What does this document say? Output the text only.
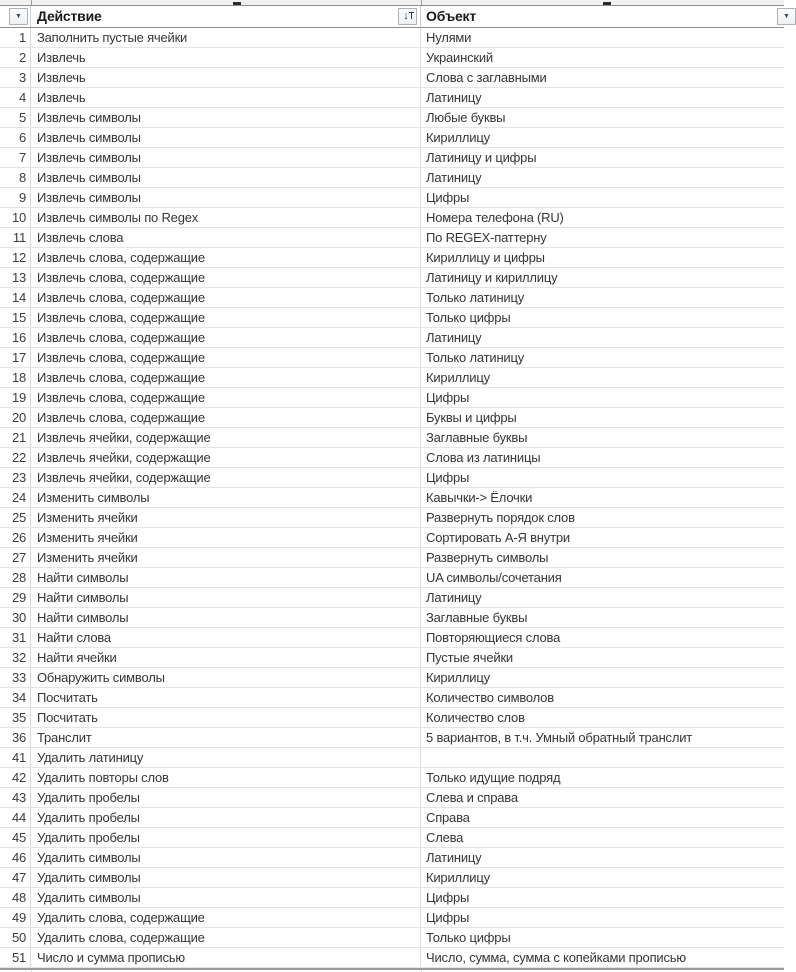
▼	Действие	↓	Объект	▼
1 Заполнить пустые ячейки	Нулями
2 Извлечь	Украинский
3 Извлечь	Слова с заглавными
4 Извлечь	Латиницу
5 Извлечь символы	Любые буквы
6 Извлечь символы	Кириллицу
7 Извлечь символы	Латиницу и цифры
8 Извлечь символы	Латиницу
9 Извлечь символы	Цифры
10 Извлечь символы по Regex	Номера телефона (RU)
11 Извлечь слова	По REGEX-паттерну
12 Извлечь слова, содержащие	Кириллицу и цифры
13 Извлечь слова, содержащие	Латиницу и кириллицу
14 Извлечь слова, содержащие	Только латиницу
15 Извлечь слова, содержащие	Только цифры
16 Извлечь слова, содержащие	Латиницу
17 Извлечь слова, содержащие	Только латиницу
18 Извлечь слова, содержащие	Кириллицу
19 Извлечь слова, содержащие	Цифры
20 Извлечь слова, содержащие	Буквы и цифры
21 Извлечь ячейки, содержащие	Заглавные буквы
22 Извлечь ячейки, содержащие	Слова из латиницы
23 Извлечь ячейки, содержащие	Цифры
24 Изменить символы	Кавычки-> Ёлочки
25 Изменить ячейки	Развернуть порядок слов
26 Изменить ячейки	Сортировать А-Я внутри
27 Изменить ячейки	Развернуть символы
28 Найти символы	UA символы/сочетания
29 Найти символы	Латиницу
30 Найти символы	Заглавные буквы
31 Найти слова	Повторяющиеся слова
32 Найти ячейки	Пустые ячейки
33 Обнаружить символы	Кириллицу
34 Посчитать	Количество символов
35 Посчитать	Количество слов
36 Транслит	5 вариантов, в т.ч. Умный обратный транслит
41 Удалить латиницу
42 Удалить повторы слов	Только идущие подряд
43 Удалить пробелы	Слева и справа
44 Удалить пробелы	Справа
45 Удалить пробелы	Слева
46 Удалить символы	Латиницу
47 Удалить символы	Кириллицу
48 Удалить символы	Цифры
49 Удалить слова, содержащие	Цифры
50 Удалить слова, содержащие	Только цифры
51 Число и сумма прописью	Число, сумма, сумма с копейками прописью
